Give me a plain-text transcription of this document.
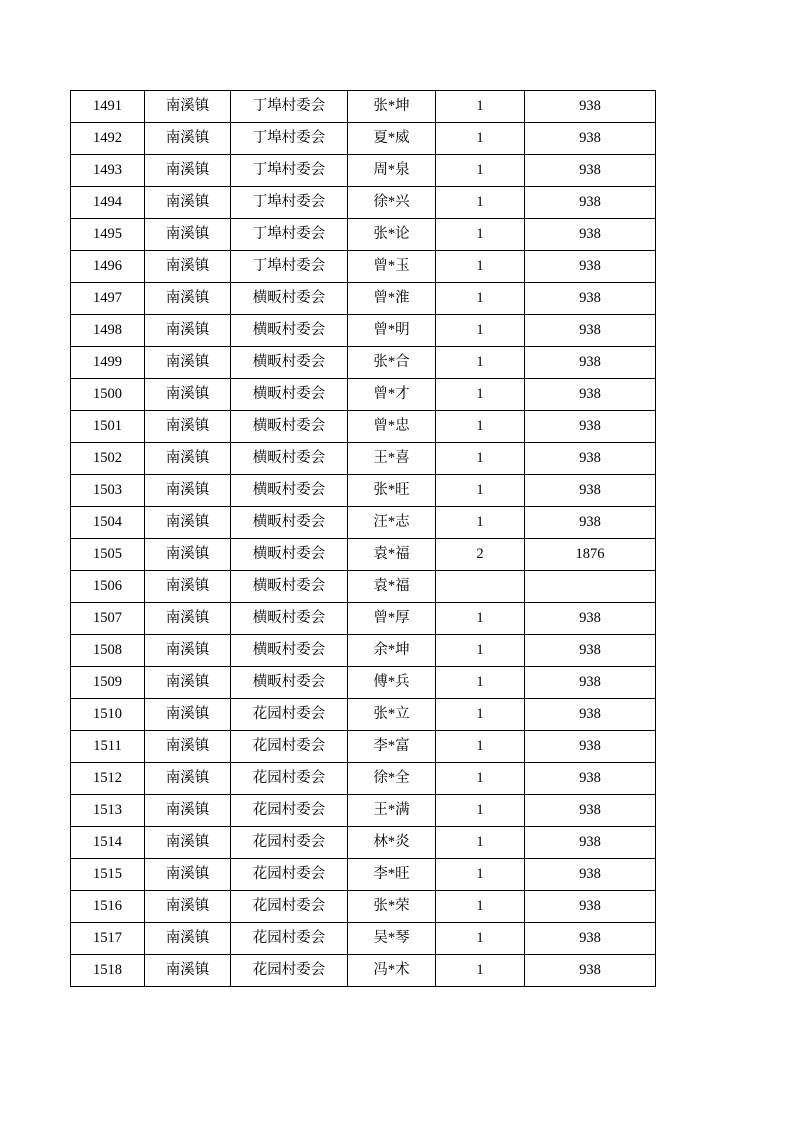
1491	南溪镇	丁埠村委会	张*坤	1	938
1492	南溪镇	丁埠村委会	夏*威	1	938
1493	南溪镇	丁埠村委会	周*泉	1	938
1494	南溪镇	丁埠村委会	徐*兴	1	938
1495	南溪镇	丁埠村委会	张*论	1	938
1496	南溪镇	丁埠村委会	曾*玉	1	938
1497	南溪镇	横畈村委会	曾*淮	1	938
1498	南溪镇	横畈村委会	曾*明	1	938
1499	南溪镇	横畈村委会	张*合	1	938
1500	南溪镇	横畈村委会	曾*才	1	938
1501	南溪镇	横畈村委会	曾*忠	1	938
1502	南溪镇	横畈村委会	王*喜	1	938
1503	南溪镇	横畈村委会	张*旺	1	938
1504	南溪镇	横畈村委会	汪*志	1	938
1505	南溪镇	横畈村委会	袁*福	2	1876
1506	南溪镇	横畈村委会	袁*福		
1507	南溪镇	横畈村委会	曾*厚	1	938
1508	南溪镇	横畈村委会	余*坤	1	938
1509	南溪镇	横畈村委会	傅*兵	1	938
1510	南溪镇	花园村委会	张*立	1	938
1511	南溪镇	花园村委会	李*富	1	938
1512	南溪镇	花园村委会	徐*全	1	938
1513	南溪镇	花园村委会	王*满	1	938
1514	南溪镇	花园村委会	林*炎	1	938
1515	南溪镇	花园村委会	李*旺	1	938
1516	南溪镇	花园村委会	张*荣	1	938
1517	南溪镇	花园村委会	吴*琴	1	938
1518	南溪镇	花园村委会	冯*术	1	938
